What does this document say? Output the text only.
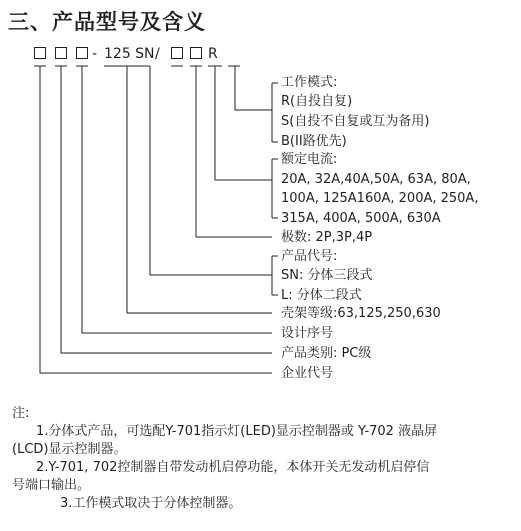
三、产品型号及含义
- 125 SN /	R
工作模式:
R(自投自复)
S(自投不自复或互为备用)
B(II路优先)
额定电流:
20A, 32A,40A,50A, 63A, 80A,
100A, 125A160A, 200A, 250A,
315A, 400A, 500A, 630A
极数: 2P,3P,4P
产品代号:
SN: 分体三段式
L: 分体二段式
壳架等级:63,125,250,630
设计序号
产品类别: PC级
企业代号

注:

1.分体式产品，可选配Y-701指示灯(LED)显示控制器或 Y-702 液晶屏

(LCD)显示控制器。

2.Y-701, 702控制器自带发动机启停功能，本体开关无发动机启停信

号端口输出。

3.工作模式取决于分体控制器。
